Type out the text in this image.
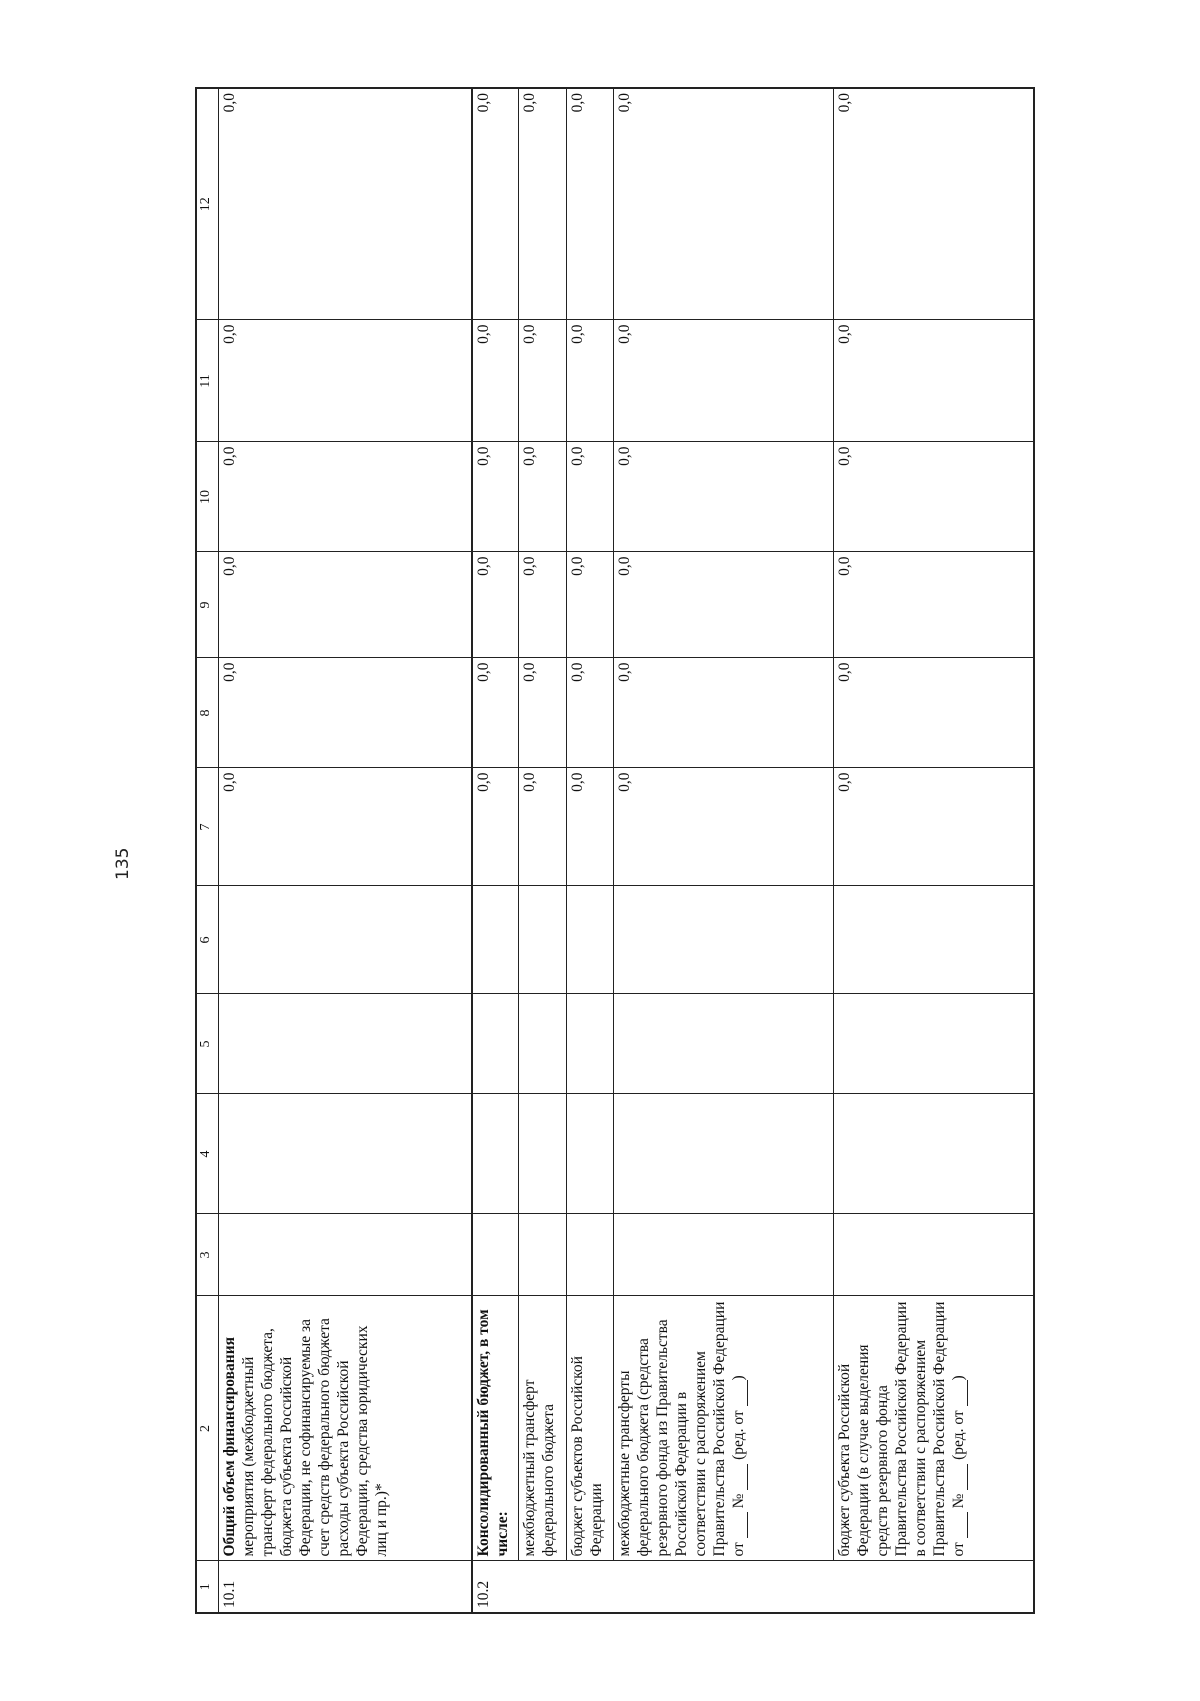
135
1	2	3	4	5	6	7	8	9	10	11	12
10.1	Общий объем финансирования мероприятия (межбюджетный трансферт федерального бюджета, бюджета субъекта Российской Федерации, не софинансируемые за счет средств федерального бюджета расходы субъекта Российской Федерации, средства юридических лиц и пр.)*					0,0	0,0	0,0	0,0	0,0	0,0
10.2	Консолидированный бюджет, в том числе:					0,0	0,0	0,0	0,0	0,0	0,0
	межбюджетный трансферт федерального бюджета					0,0	0,0	0,0	0,0	0,0	0,0
	бюджет субъектов Российской Федерации					0,0	0,0	0,0	0,0	0,0	0,0
	межбюджетные трансферты федерального бюджета (средства резервного фонда из Правительства Российской Федерации в соответствии с распоряжением Правительства Российской Федерации от  №  (ред. от )					0,0	0,0	0,0	0,0	0,0	0,0
	бюджет субъекта Российской Федерации (в случае выделения средств резервного фонда Правительства Российской Федерации в соответствии с распоряжением Правительства Российской Федерации от  №  (ред. от )					0,0	0,0	0,0	0,0	0,0	0,0
